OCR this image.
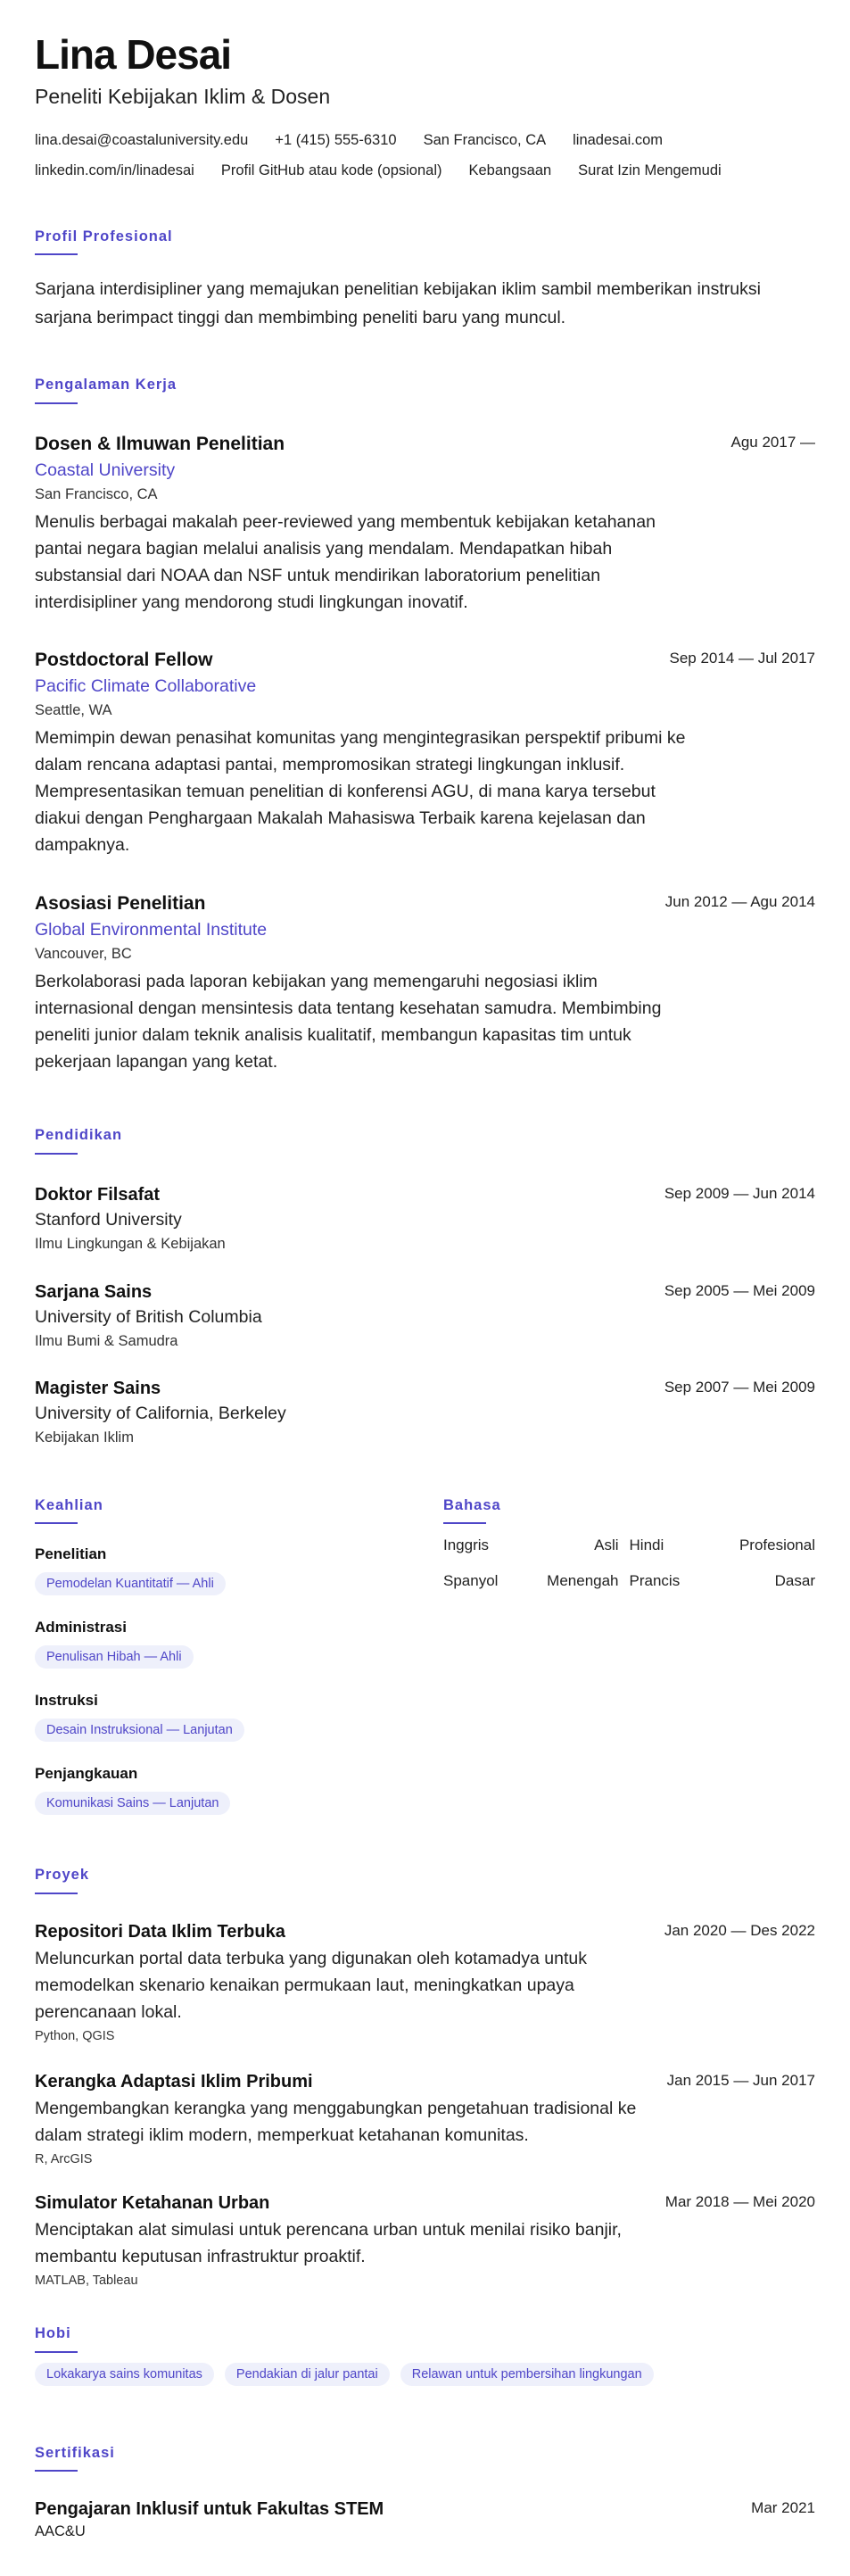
Lina Desai
Peneliti Kebijakan Iklim & Dosen
lina.desai@coastaluniversity.edu +1 (415) 555-6310 San Francisco, CA linadesai.com
linkedin.com/in/linadesai Profil GitHub atau kode (opsional) Kebangsaan Surat Izin Mengemudi
Profil Profesional
Sarjana interdisipliner yang memajukan penelitian kebijakan iklim sambil memberikan instruksi sarjana berimpact tinggi dan membimbing peneliti baru yang muncul.
Pengalaman Kerja
Dosen & Ilmuwan Penelitian	Agu 2017 —
Coastal University
San Francisco, CA
Menulis berbagai makalah peer-reviewed yang membentuk kebijakan ketahanan pantai negara bagian melalui analisis yang mendalam. Mendapatkan hibah substansial dari NOAA dan NSF untuk mendirikan laboratorium penelitian interdisipliner yang mendorong studi lingkungan inovatif.
Postdoctoral Fellow	Sep 2014 — Jul 2017
Pacific Climate Collaborative
Seattle, WA
Memimpin dewan penasihat komunitas yang mengintegrasikan perspektif pribumi ke dalam rencana adaptasi pantai, mempromosikan strategi lingkungan inklusif. Mempresentasikan temuan penelitian di konferensi AGU, di mana karya tersebut diakui dengan Penghargaan Makalah Mahasiswa Terbaik karena kejelasan dan dampaknya.
Asosiasi Penelitian	Jun 2012 — Agu 2014
Global Environmental Institute
Vancouver, BC
Berkolaborasi pada laporan kebijakan yang memengaruhi negosiasi iklim internasional dengan mensintesis data tentang kesehatan samudra. Membimbing peneliti junior dalam teknik analisis kualitatif, membangun kapasitas tim untuk pekerjaan lapangan yang ketat.
Pendidikan
Doktor Filsafat	Sep 2009 — Jun 2014
Stanford University
Ilmu Lingkungan & Kebijakan
Sarjana Sains	Sep 2005 — Mei 2009
University of British Columbia
Ilmu Bumi & Samudra
Magister Sains	Sep 2007 — Mei 2009
University of California, Berkeley
Kebijakan Iklim
Keahlian
Penelitian
Pemodelan Kuantitatif — Ahli
Administrasi
Penulisan Hibah — Ahli
Instruksi
Desain Instruksional — Lanjutan
Penjangkauan
Komunikasi Sains — Lanjutan
Bahasa
Inggris	Asli Hindi	Profesional
Spanyol	Menengah Prancis	Dasar
Proyek
Repositori Data Iklim Terbuka	Jan 2020 — Des 2022
Meluncurkan portal data terbuka yang digunakan oleh kotamadya untuk memodelkan skenario kenaikan permukaan laut, meningkatkan upaya perencanaan lokal.
Python, QGIS
Kerangka Adaptasi Iklim Pribumi	Jan 2015 — Jun 2017
Mengembangkan kerangka yang menggabungkan pengetahuan tradisional ke dalam strategi iklim modern, memperkuat ketahanan komunitas.
R, ArcGIS
Simulator Ketahanan Urban	Mar 2018 — Mei 2020
Menciptakan alat simulasi untuk perencana urban untuk menilai risiko banjir, membantu keputusan infrastruktur proaktif.
MATLAB, Tableau
Hobi
Lokakarya sains komunitas	Pendakian di jalur pantai	Relawan untuk pembersihan lingkungan
Sertifikasi
Pengajaran Inklusif untuk Fakultas STEM	Mar 2021
AAC&U
